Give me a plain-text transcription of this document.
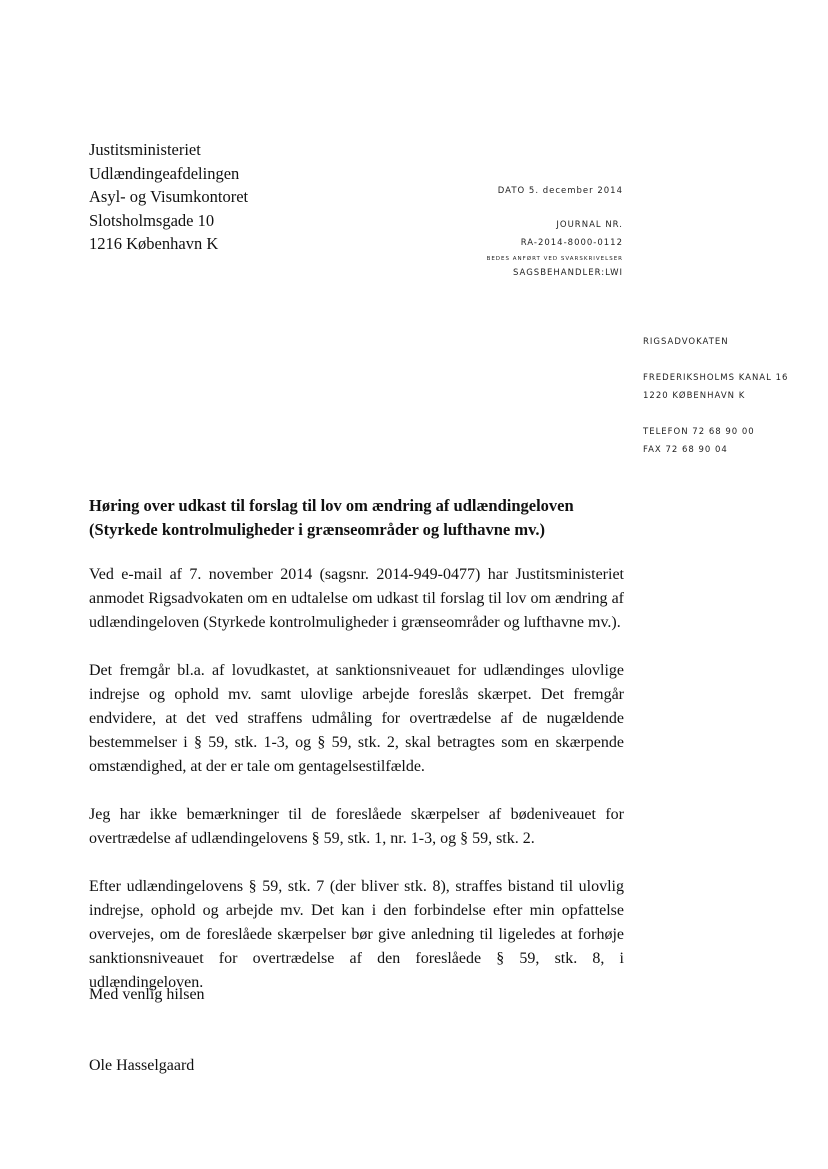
Justitsministeriet
Udlændingeafdelingen
Asyl- og Visumkontoret
Slotsholmsgade 10
1216 København K
DATO 5. december 2014
JOURNAL NR.
RA-2014-8000-0112
BEDES ANFØRT VED SVARSKRIVELSER
SAGSBEHANDLER:LWI
RIGSADVOKATEN
FREDERIKSHOLMS KANAL 16
1220 KØBENHAVN K
TELEFON 72 68 90 00
FAX 72 68 90 04
Høring over udkast til forslag til lov om ændring af udlændingeloven (Styrkede kontrolmuligheder i grænseområder og lufthavne mv.)

Ved e-mail af 7. november 2014 (sagsnr. 2014-949-0477) har Justitsministeriet anmodet Rigsadvokaten om en udtalelse om udkast til forslag til lov om ændring af udlændingeloven (Styrkede kontrolmuligheder i grænseområder og lufthavne mv.).

Det fremgår bl.a. af lovudkastet, at sanktionsniveauet for udlændinges ulovlige indrejse og ophold mv. samt ulovlige arbejde foreslås skærpet. Det fremgår endvidere, at det ved straffens udmåling for overtrædelse af de nugældende bestemmelser i § 59, stk. 1-3, og § 59, stk. 2, skal betragtes som en skærpende omstændighed, at der er tale om gentagelsestilfælde.

Jeg har ikke bemærkninger til de foreslåede skærpelser af bødeniveauet for overtrædelse af udlændingelovens § 59, stk. 1, nr. 1-3, og § 59, stk. 2.

Efter udlændingelovens § 59, stk. 7 (der bliver stk. 8), straffes bistand til ulovlig indrejse, ophold og arbejde mv. Det kan i den forbindelse efter min opfattelse overvejes, om de foreslåede skærpelser bør give anledning til ligeledes at forhøje sanktionsniveauet for overtrædelse af den foreslåede § 59, stk. 8, i udlændingeloven.

Med venlig hilsen
Ole Hasselgaard
